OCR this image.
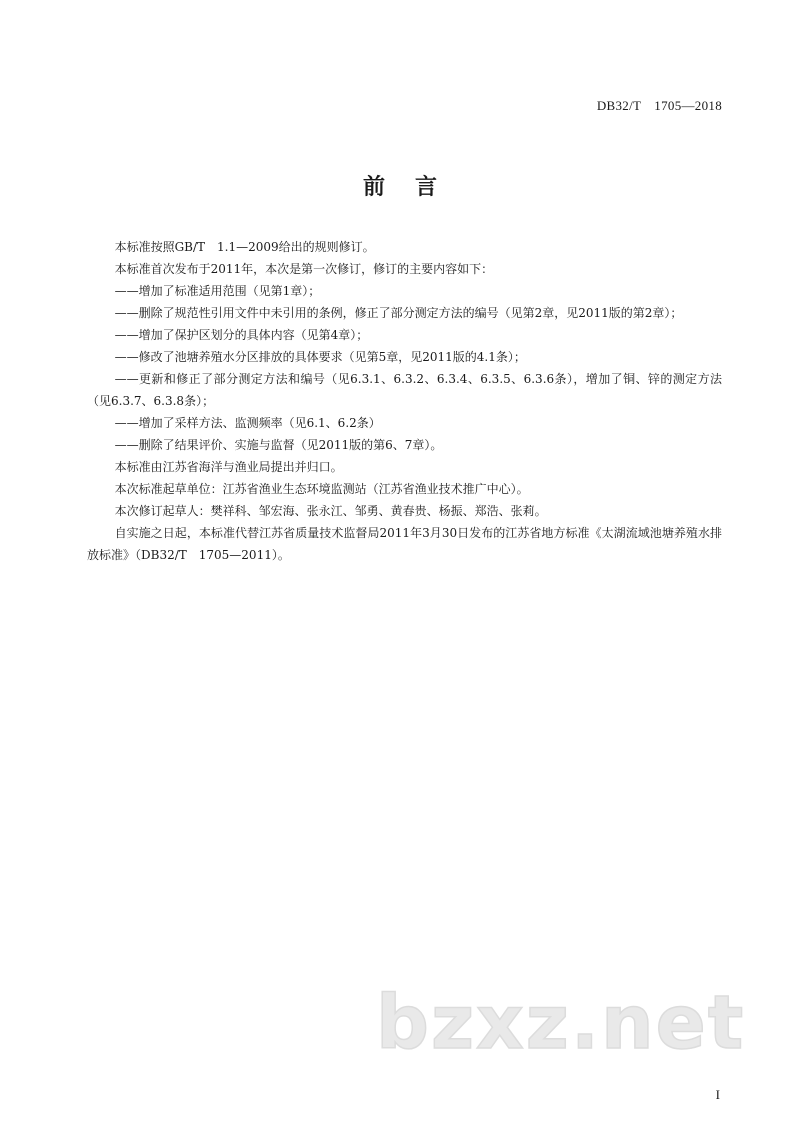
DB32/T　1705—2018
前言

本标准按照GB/T　1.1—2009给出的规则修订。

本标准首次发布于2011年，本次是第一次修订，修订的主要内容如下：

——增加了标准适用范围（见第1章）；

——删除了规范性引用文件中未引用的条例，修正了部分测定方法的编号（见第2章，见2011版的第2章）；

——增加了保护区划分的具体内容（见第4章）；

——修改了池塘养殖水分区排放的具体要求（见第5章，见2011版的4.1条）；

——更新和修正了部分测定方法和编号（见6.3.1、6.3.2、6.3.4、6.3.5、6.3.6条），增加了铜、锌的测定方法（见6.3.7、6.3.8条）；

——增加了采样方法、监测频率（见6.1、6.2条）

——删除了结果评价、实施与监督（见2011版的第6、7章）。

本标准由江苏省海洋与渔业局提出并归口。

本次标准起草单位：江苏省渔业生态环境监测站（江苏省渔业技术推广中心）。

本次修订起草人：樊祥科、邹宏海、张永江、邹勇、黄春贵、杨振、郑浩、张莉。

自实施之日起，本标准代替江苏省质量技术监督局2011年3月30日发布的江苏省地方标准《太湖流域池塘养殖水排放标准》（DB32/T　1705—2011）。

bzxz.net
I
